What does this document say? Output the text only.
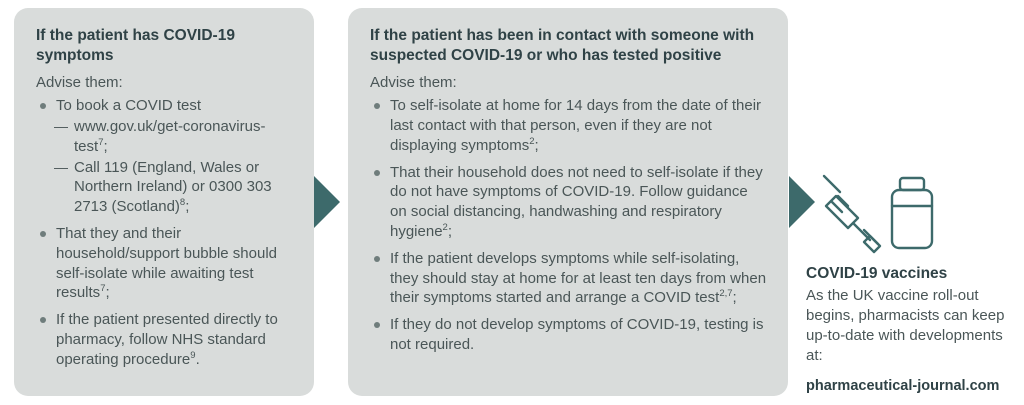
If the patient has COVID-19 symptoms
Advise them:
To book a COVID test
— www.gov.uk/get-coronavirus-test$^7$;
— Call 119 (England, Wales or Northern Ireland) or 0300 303 2713 (Scotland)$^8$;
That they and their household/support bubble should self-isolate while awaiting test results$^7$;
If the patient presented directly to pharmacy, follow NHS standard operating procedure$^9$.
If the patient has been in contact with someone with suspected COVID-19 or who has tested positive
Advise them:
To self-isolate at home for 14 days from the date of their last contact with that person, even if they are not displaying symptoms$^2$;
That their household does not need to self-isolate if they do not have symptoms of COVID-19. Follow guidance on social distancing, handwashing and respiratory hygiene$^2$;
If the patient develops symptoms while self-isolating, they should stay at home for at least ten days from when their symptoms started and arrange a COVID test$^{2,7}$;
If they do not develop symptoms of COVID-19, testing is not required.
COVID-19 vaccines
As the UK vaccine roll-out begins, pharmacists can keep up-to-date with developments at:
pharmaceutical-journal.com
